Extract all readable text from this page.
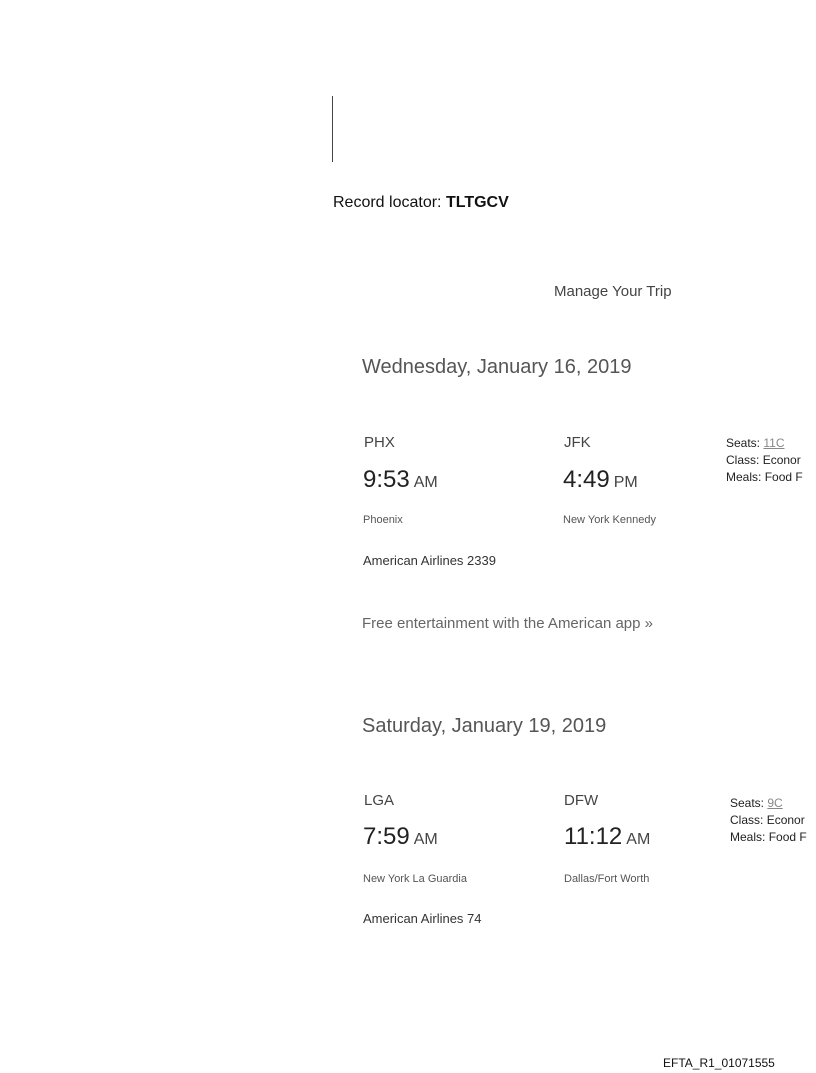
Record locator: TLTGCV
Manage Your Trip
Wednesday, January 16, 2019
PHX
9:53 AM
Phoenix
JFK
4:49 PM
New York Kennedy
Seats: 11C
Class: Econor
Meals: Food F
American Airlines 2339
Free entertainment with the American app »
Saturday, January 19, 2019
LGA
7:59 AM
New York La Guardia
DFW
11:12 AM
Dallas/Fort Worth
Seats: 9C
Class: Econor
Meals: Food F
American Airlines 74
EFTA_R1_01071555
